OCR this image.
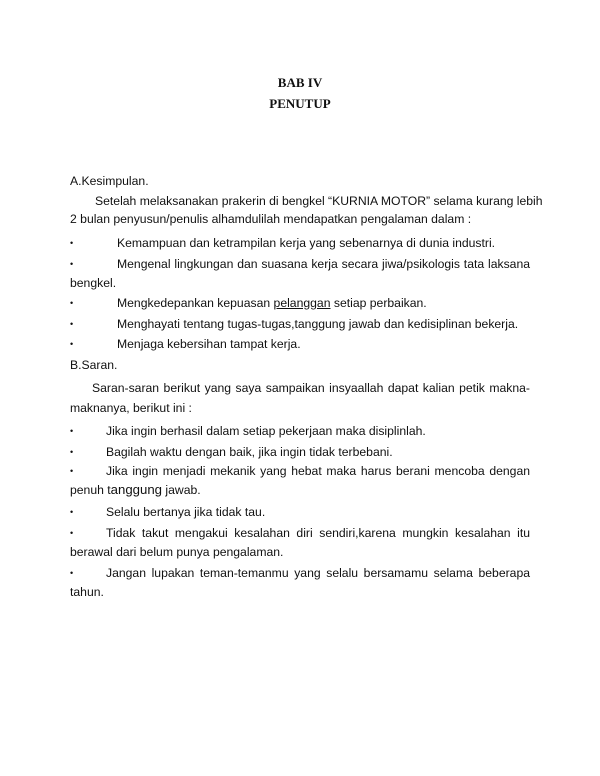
BAB IV
PENUTUP
A.Kesimpulan.
Setelah melaksanakan prakerin di bengkel “KURNIA MOTOR” selama kurang lebih
2 bulan penyusun/penulis alhamdulilah mendapatkan pengalaman dalam :
•	Kemampuan dan ketrampilan kerja yang sebenarnya di dunia industri.
•	Mengenal lingkungan dan suasana kerja secara jiwa/psikologis tata laksana
bengkel.
•	Mengkedepankan kepuasan pelanggan setiap perbaikan.
•	Menghayati tentang tugas-tugas,tanggung jawab dan kedisiplinan bekerja.
•	Menjaga kebersihan tampat kerja.
B.Saran.
Saran-saran berikut yang saya sampaikan insyaallah dapat kalian petik makna-
maknanya, berikut ini :
•	Jika ingin berhasil dalam setiap pekerjaan maka disiplinlah.
•	Bagilah waktu dengan baik, jika ingin tidak terbebani.
•	Jika ingin menjadi mekanik yang hebat maka harus berani mencoba dengan
penuh tanggung jawab.
•	Selalu bertanya jika tidak tau.
•	Tidak takut mengakui kesalahan diri sendiri,karena mungkin kesalahan itu
berawal dari belum punya pengalaman.
•	Jangan lupakan teman-temanmu yang selalu bersamamu selama beberapa
tahun.
